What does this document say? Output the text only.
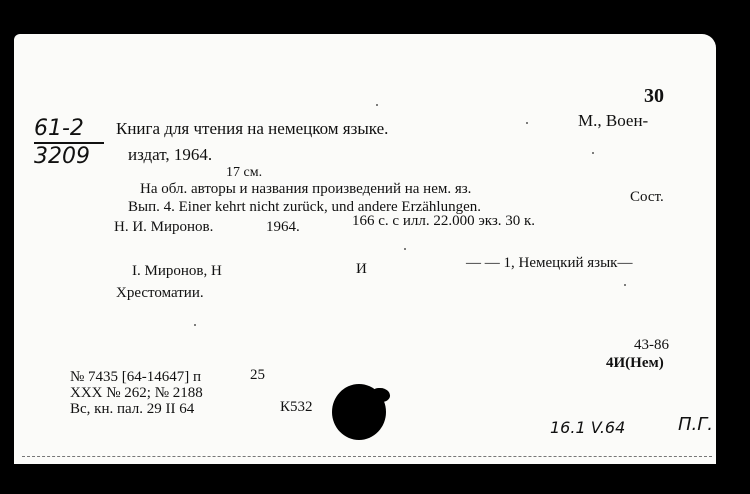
30
61-2
3209
Книга для чтения на немецком языке.	М., Воен-
издат, 1964.
17 см.
На обл. авторы и названия произведений на нем. яз.
Вып. 4. Einer kehrt nicht zurück, und andere Erzählungen.
Сост.
Н. И. Миронов.	1964.	166 с. с илл. 22.000 экз. 30 к.
I. Миронов, Н	И	— — 1, Немецкий язык—
Хрестоматии.
43-86
4И(Нем)
№ 7435 [64-14647] п	25
XXX № 262; № 2188
Вс, кн. пал. 29 II 64	К532
16.1 V.64	П.Г.
